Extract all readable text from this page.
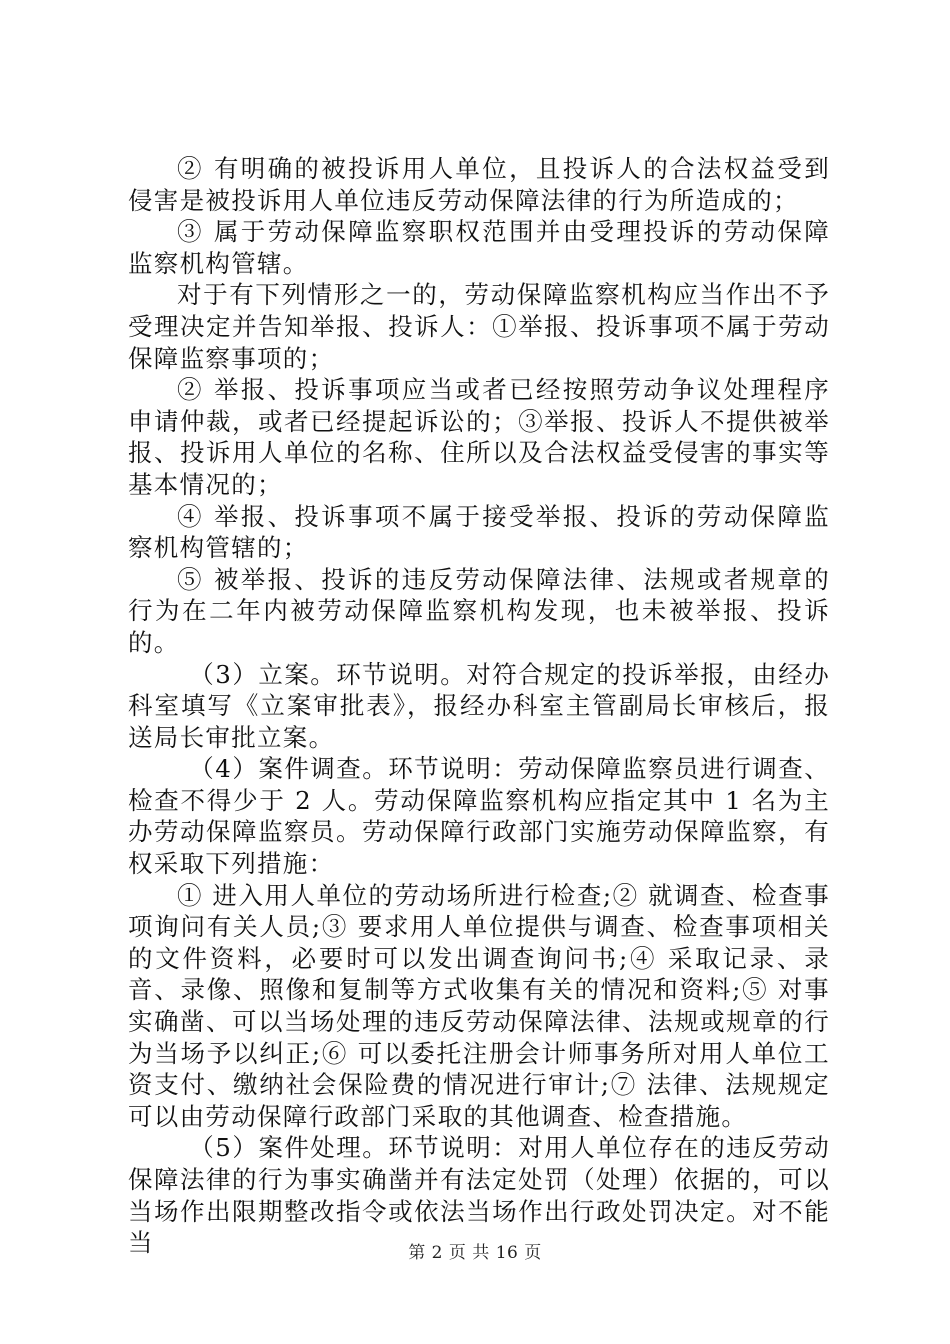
② 有明确的被投诉用人单位，且投诉人的合法权益受到侵害是被投诉用人单位违反劳动保障法律的行为所造成的；

③ 属于劳动保障监察职权范围并由受理投诉的劳动保障监察机构管辖。

对于有下列情形之一的，劳动保障监察机构应当作出不予受理决定并告知举报、投诉人：①举报、投诉事项不属于劳动保障监察事项的；

② 举报、投诉事项应当或者已经按照劳动争议处理程序申请仲裁，或者已经提起诉讼的；③举报、投诉人不提供被举报、投诉用人单位的名称、住所以及合法权益受侵害的事实等基本情况的；

④ 举报、投诉事项不属于接受举报、投诉的劳动保障监察机构管辖的；

⑤ 被举报、投诉的违反劳动保障法律、法规或者规章的行为在二年内被劳动保障监察机构发现，也未被举报、投诉的。

（3）立案。环节说明。对符合规定的投诉举报，由经办科室填写《立案审批表》，报经办科室主管副局长审核后，报送局长审批立案。

（4）案件调查。环节说明：劳动保障监察员进行调查、检查不得少于 2 人。劳动保障监察机构应指定其中 1 名为主办劳动保障监察员。劳动保障行政部门实施劳动保障监察，有权采取下列措施：

① 进入用人单位的劳动场所进行检查;② 就调查、检查事项询问有关人员;③ 要求用人单位提供与调查、检查事项相关的文件资料，必要时可以发出调查询问书;④ 采取记录、录音、录像、照像和复制等方式收集有关的情况和资料;⑤ 对事实确凿、可以当场处理的违反劳动保障法律、法规或规章的行为当场予以纠正;⑥ 可以委托注册会计师事务所对用人单位工资支付、缴纳社会保险费的情况进行审计;⑦ 法律、法规规定可以由劳动保障行政部门采取的其他调查、检查措施。

（5）案件处理。环节说明：对用人单位存在的违反劳动保障法律的行为事实确凿并有法定处罚（处理）依据的，可以当场作出限期整改指令或依法当场作出行政处罚决定。对不能当	第 2 页 共 16 页
